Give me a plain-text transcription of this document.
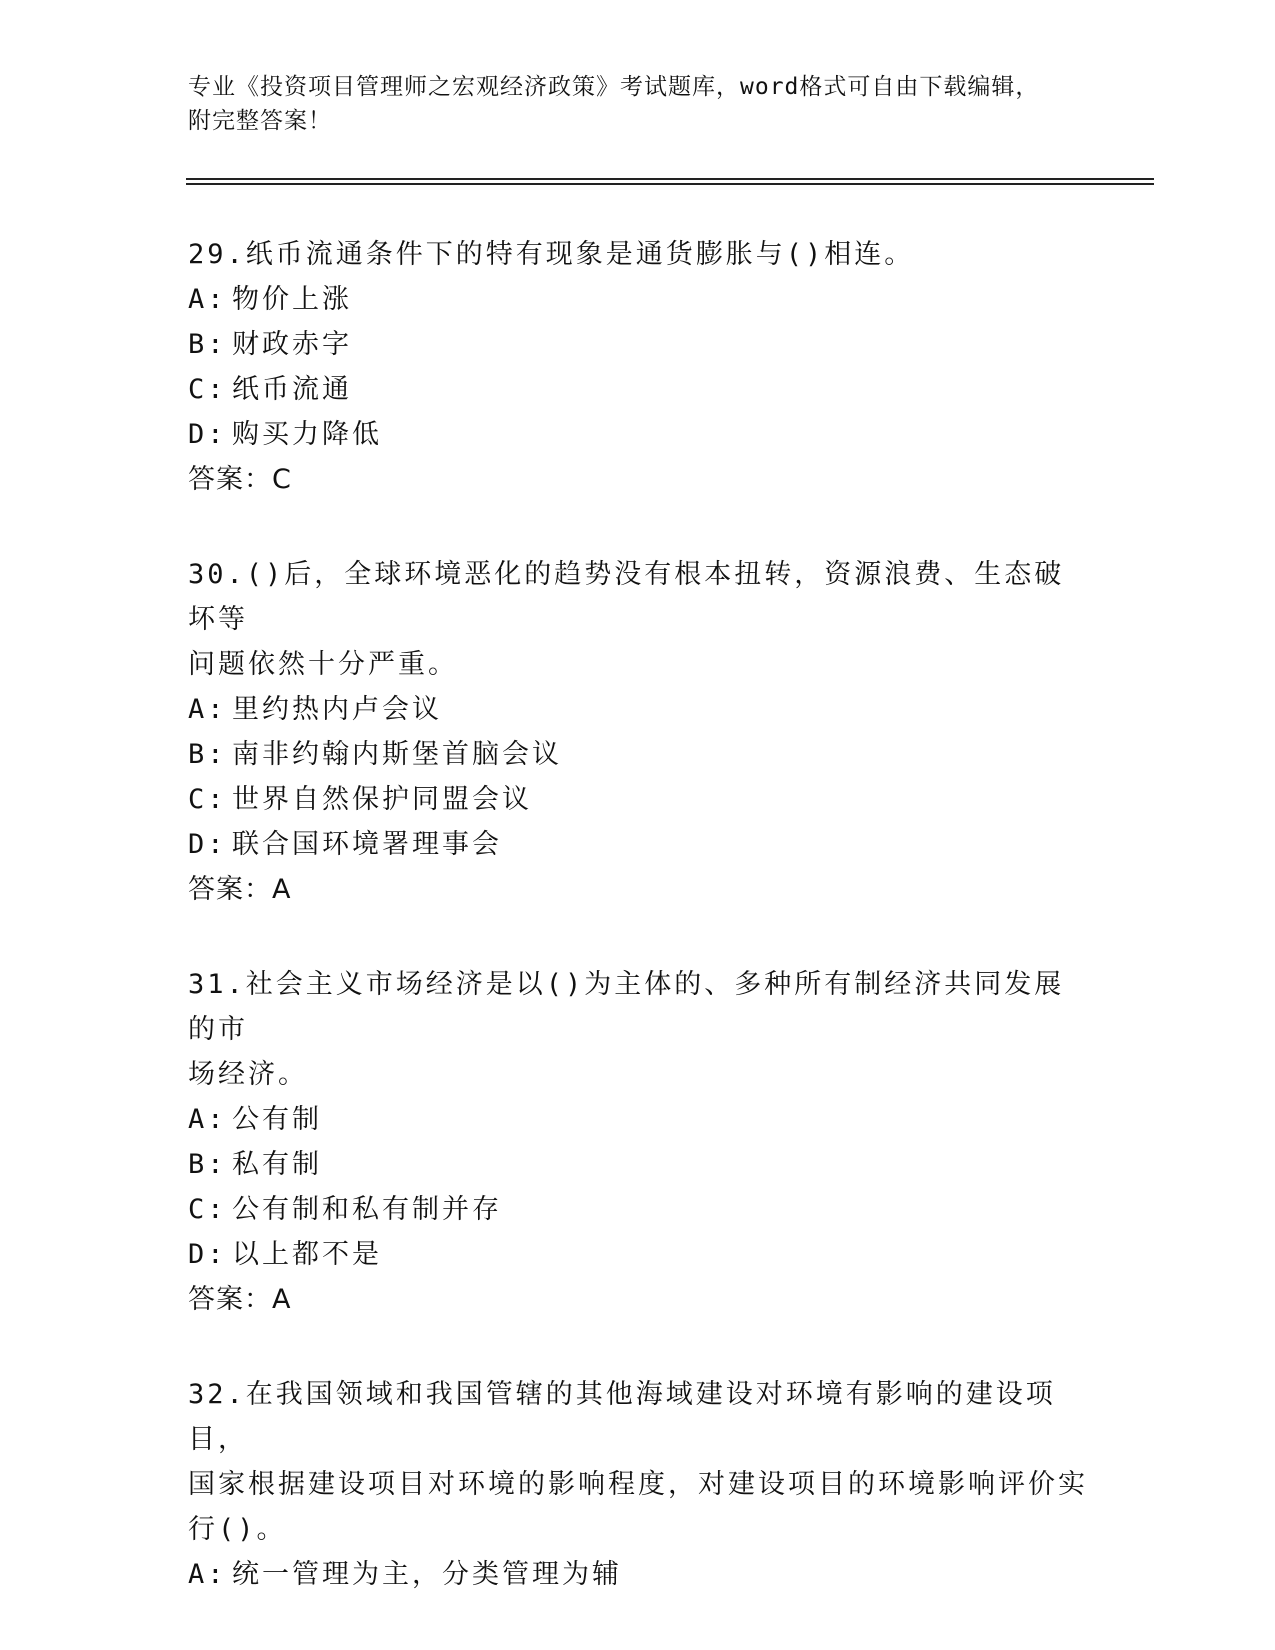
专业《投资项目管理师之宏观经济政策》考试题库，word格式可自由下载编辑，
附完整答案！
29.纸币流通条件下的特有现象是通货膨胀与()相连。
A: 物价上涨
B: 财政赤字
C: 纸币流通
D: 购买力降低
答案：C
30.()后，全球环境恶化的趋势没有根本扭转，资源浪费、生态破坏等
问题依然十分严重。
A: 里约热内卢会议
B: 南非约翰内斯堡首脑会议
C: 世界自然保护同盟会议
D: 联合国环境署理事会
答案：A
31.社会主义市场经济是以()为主体的、多种所有制经济共同发展的市
场经济。
A: 公有制
B: 私有制
C: 公有制和私有制并存
D: 以上都不是
答案：A
32.在我国领域和我国管辖的其他海域建设对环境有影响的建设项目，
国家根据建设项目对环境的影响程度，对建设项目的环境影响评价实
行()。
A: 统一管理为主，分类管理为辅
